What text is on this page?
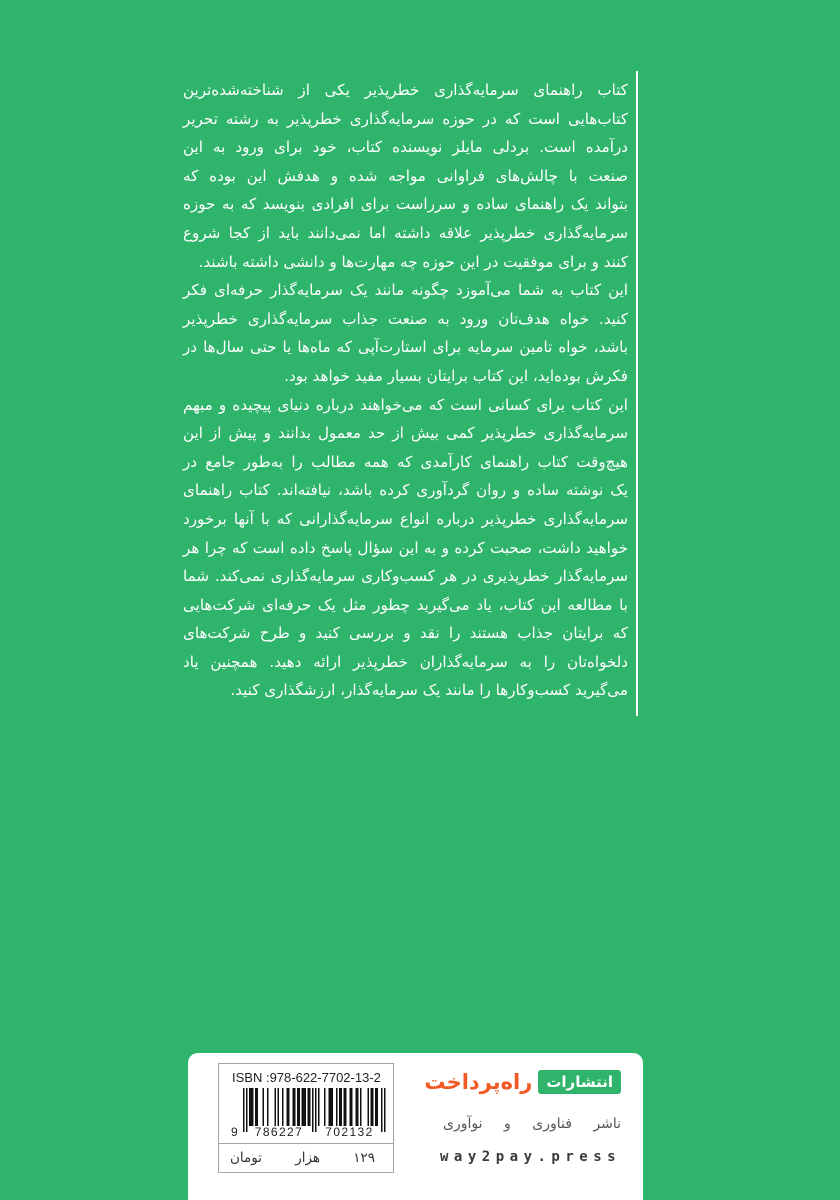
کتاب راهنمای سرمایه‌گذاری خطرپذیر یکی از شناخته‌شده‌ترین
کتاب‌هایی است که در حوزه سرمایه‌گذاری خطرپذیر به رشته تحریر
درآمده است. بردلی مایلز نویسنده کتاب، خود برای ورود به این
صنعت با چالش‌های فراوانی مواجه شده و هدفش این بوده که
بتواند یک راهنمای ساده و سرراست برای افرادی بنویسد که به حوزه
سرمایه‌گذاری خطرپذیر علاقه داشته اما نمی‌دانند باید از کجا شروع
کنند و برای موفقیت در این حوزه چه مهارت‌ها و دانشی داشته باشند.
این کتاب به شما می‌آموزد چگونه مانند یک سرمایه‌گذار حرفه‌ای فکر
کنید. خواه هدف‌تان ورود به صنعت جذاب سرمایه‌گذاری خطرپذیر
باشد، خواه تامین سرمایه برای استارت‌آپی که ماه‌ها یا حتی سال‌ها در
فکرش بوده‌اید، این کتاب برایتان بسیار مفید خواهد بود.
این کتاب برای کسانی است که می‌خواهند درباره دنیای پیچیده و مبهم
سرمایه‌گذاری خطرپذیر کمی بیش از حد معمول بدانند و پیش از این
هیچ‌وقت کتاب راهنمای کارآمدی که همه مطالب را به‌طور جامع در
یک نوشته ساده و روان گردآوری کرده باشد، نیافته‌اند. کتاب راهنمای
سرمایه‌گذاری خطرپذیر درباره انواع سرمایه‌گذارانی که با آنها برخورد
خواهید داشت، صحبت کرده و به این سؤال پاسخ داده است که چرا هر
سرمایه‌گذار خطرپذیری در هر کسب‌وکاری سرمایه‌گذاری نمی‌کند. شما
با مطالعه این کتاب، یاد می‌گیرید چطور مثل یک حرفه‌ای شرکت‌هایی
که برایتان جذاب هستند را نقد و بررسی کنید و طرح شرکت‌های
دلخواه‌تان را به سرمایه‌گذاران خطرپذیر ارائه دهید. همچنین یاد
می‌گیرید کسب‌وکارها را مانند یک سرمایه‌گذار، ارزشگذاری کنید.
ISBN :978-622-7702-13-2
9	786227	702132
۱۲۹ هزار تومان
انتشارات
راه‌پرداخت
ناشر فناوری و نوآوری
way2pay.press
